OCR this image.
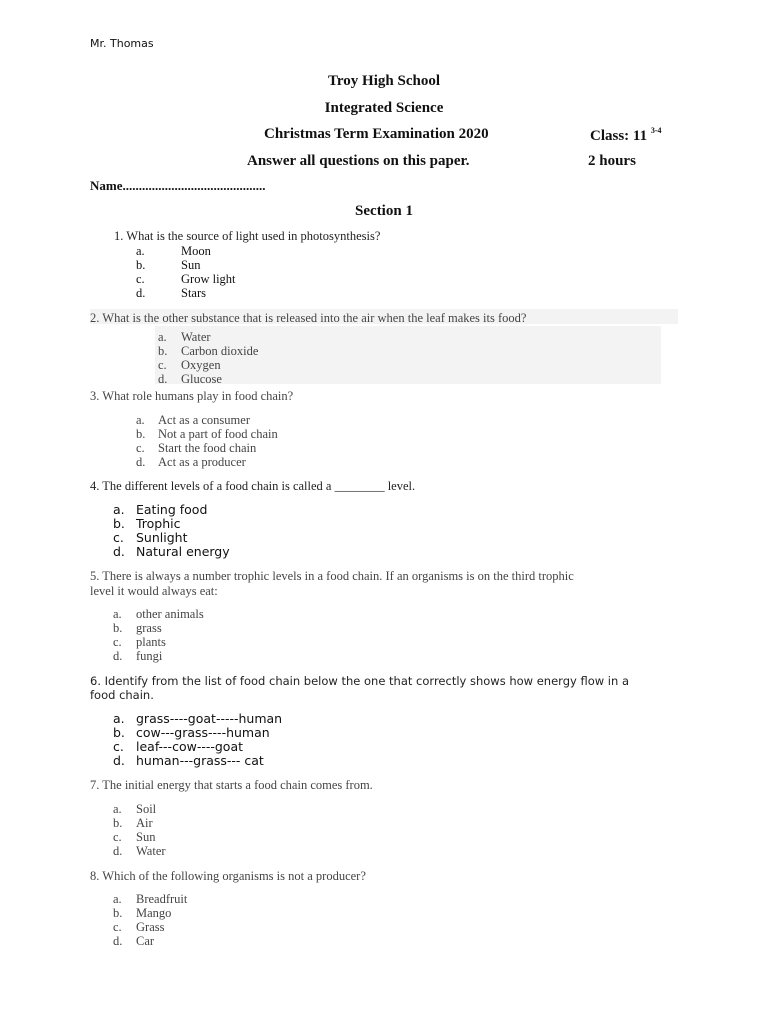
Mr. Thomas
Troy High School
Integrated Science
Christmas Term Examination 2020	Class: 11 $^{3-4}$
Answer all questions on this paper.	2 hours
Name............................................
Section 1
1. What is the source of light used in photosynthesis?
a.	Moon
b.	Sun
c.	Grow light
d.	Stars
2. What is the other substance that is released into the air when the leaf makes its food?
a. Water
b. Carbon dioxide
c. Oxygen
d. Glucose
3. What role humans play in food chain?
a. Act as a consumer
b. Not a part of food chain
c. Start the food chain
d. Act as a producer
4. The different levels of a food chain is called a ________ level.
a. Eating food
b. Trophic
c. Sunlight
d. Natural energy
5. There is always a number trophic levels in a food chain. If an organisms is on the third trophic
level it would always eat:
a. other animals
b. grass
c. plants
d. fungi
6. Identify from the list of food chain below the one that correctly shows how energy flow in a
food chain.
a. grass----goat-----human
b. cow---grass----human
c. leaf---cow----goat
d. human---grass--- cat
7. The initial energy that starts a food chain comes from.
a. Soil
b. Air
c. Sun
d. Water
8. Which of the following organisms is not a producer?
a. Breadfruit
b. Mango
c. Grass
d. Car
